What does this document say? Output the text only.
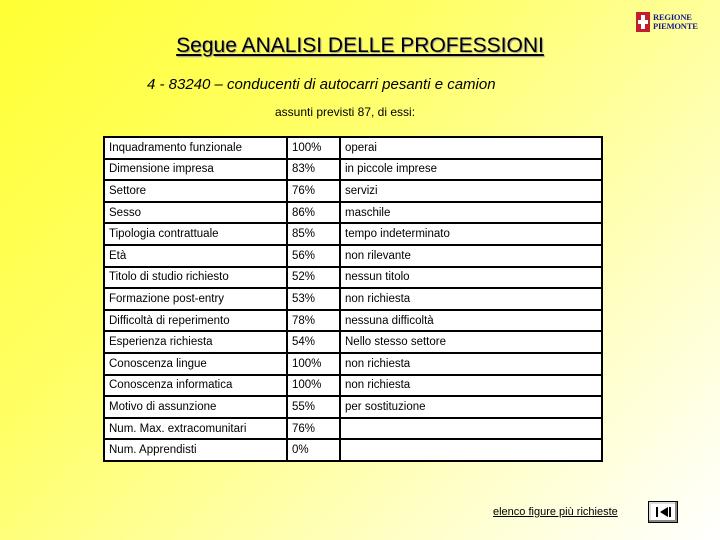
REGIONE
PIEMONTE
Segue ANALISI DELLE PROFESSIONI
4 - 83240 – conducenti di autocarri pesanti e camion
assunti previsti 87, di essi:
Inquadramento funzionale	100%	operai
Dimensione impresa	83%	in piccole imprese
Settore	76%	servizi
Sesso	86%	maschile
Tipologia contrattuale	85%	tempo indeterminato
Età	56%	non rilevante
Titolo di studio richiesto	52%	nessun titolo
Formazione post-entry	53%	non richiesta
Difficoltà di reperimento	78%	nessuna difficoltà
Esperienza richiesta	54%	Nello stesso settore
Conoscenza lingue	100%	non richiesta
Conoscenza informatica	100%	non richiesta
Motivo di assunzione	55%	per sostituzione
Num. Max. extracomunitari	76%	
Num. Apprendisti	0%	
elenco figure più richieste
